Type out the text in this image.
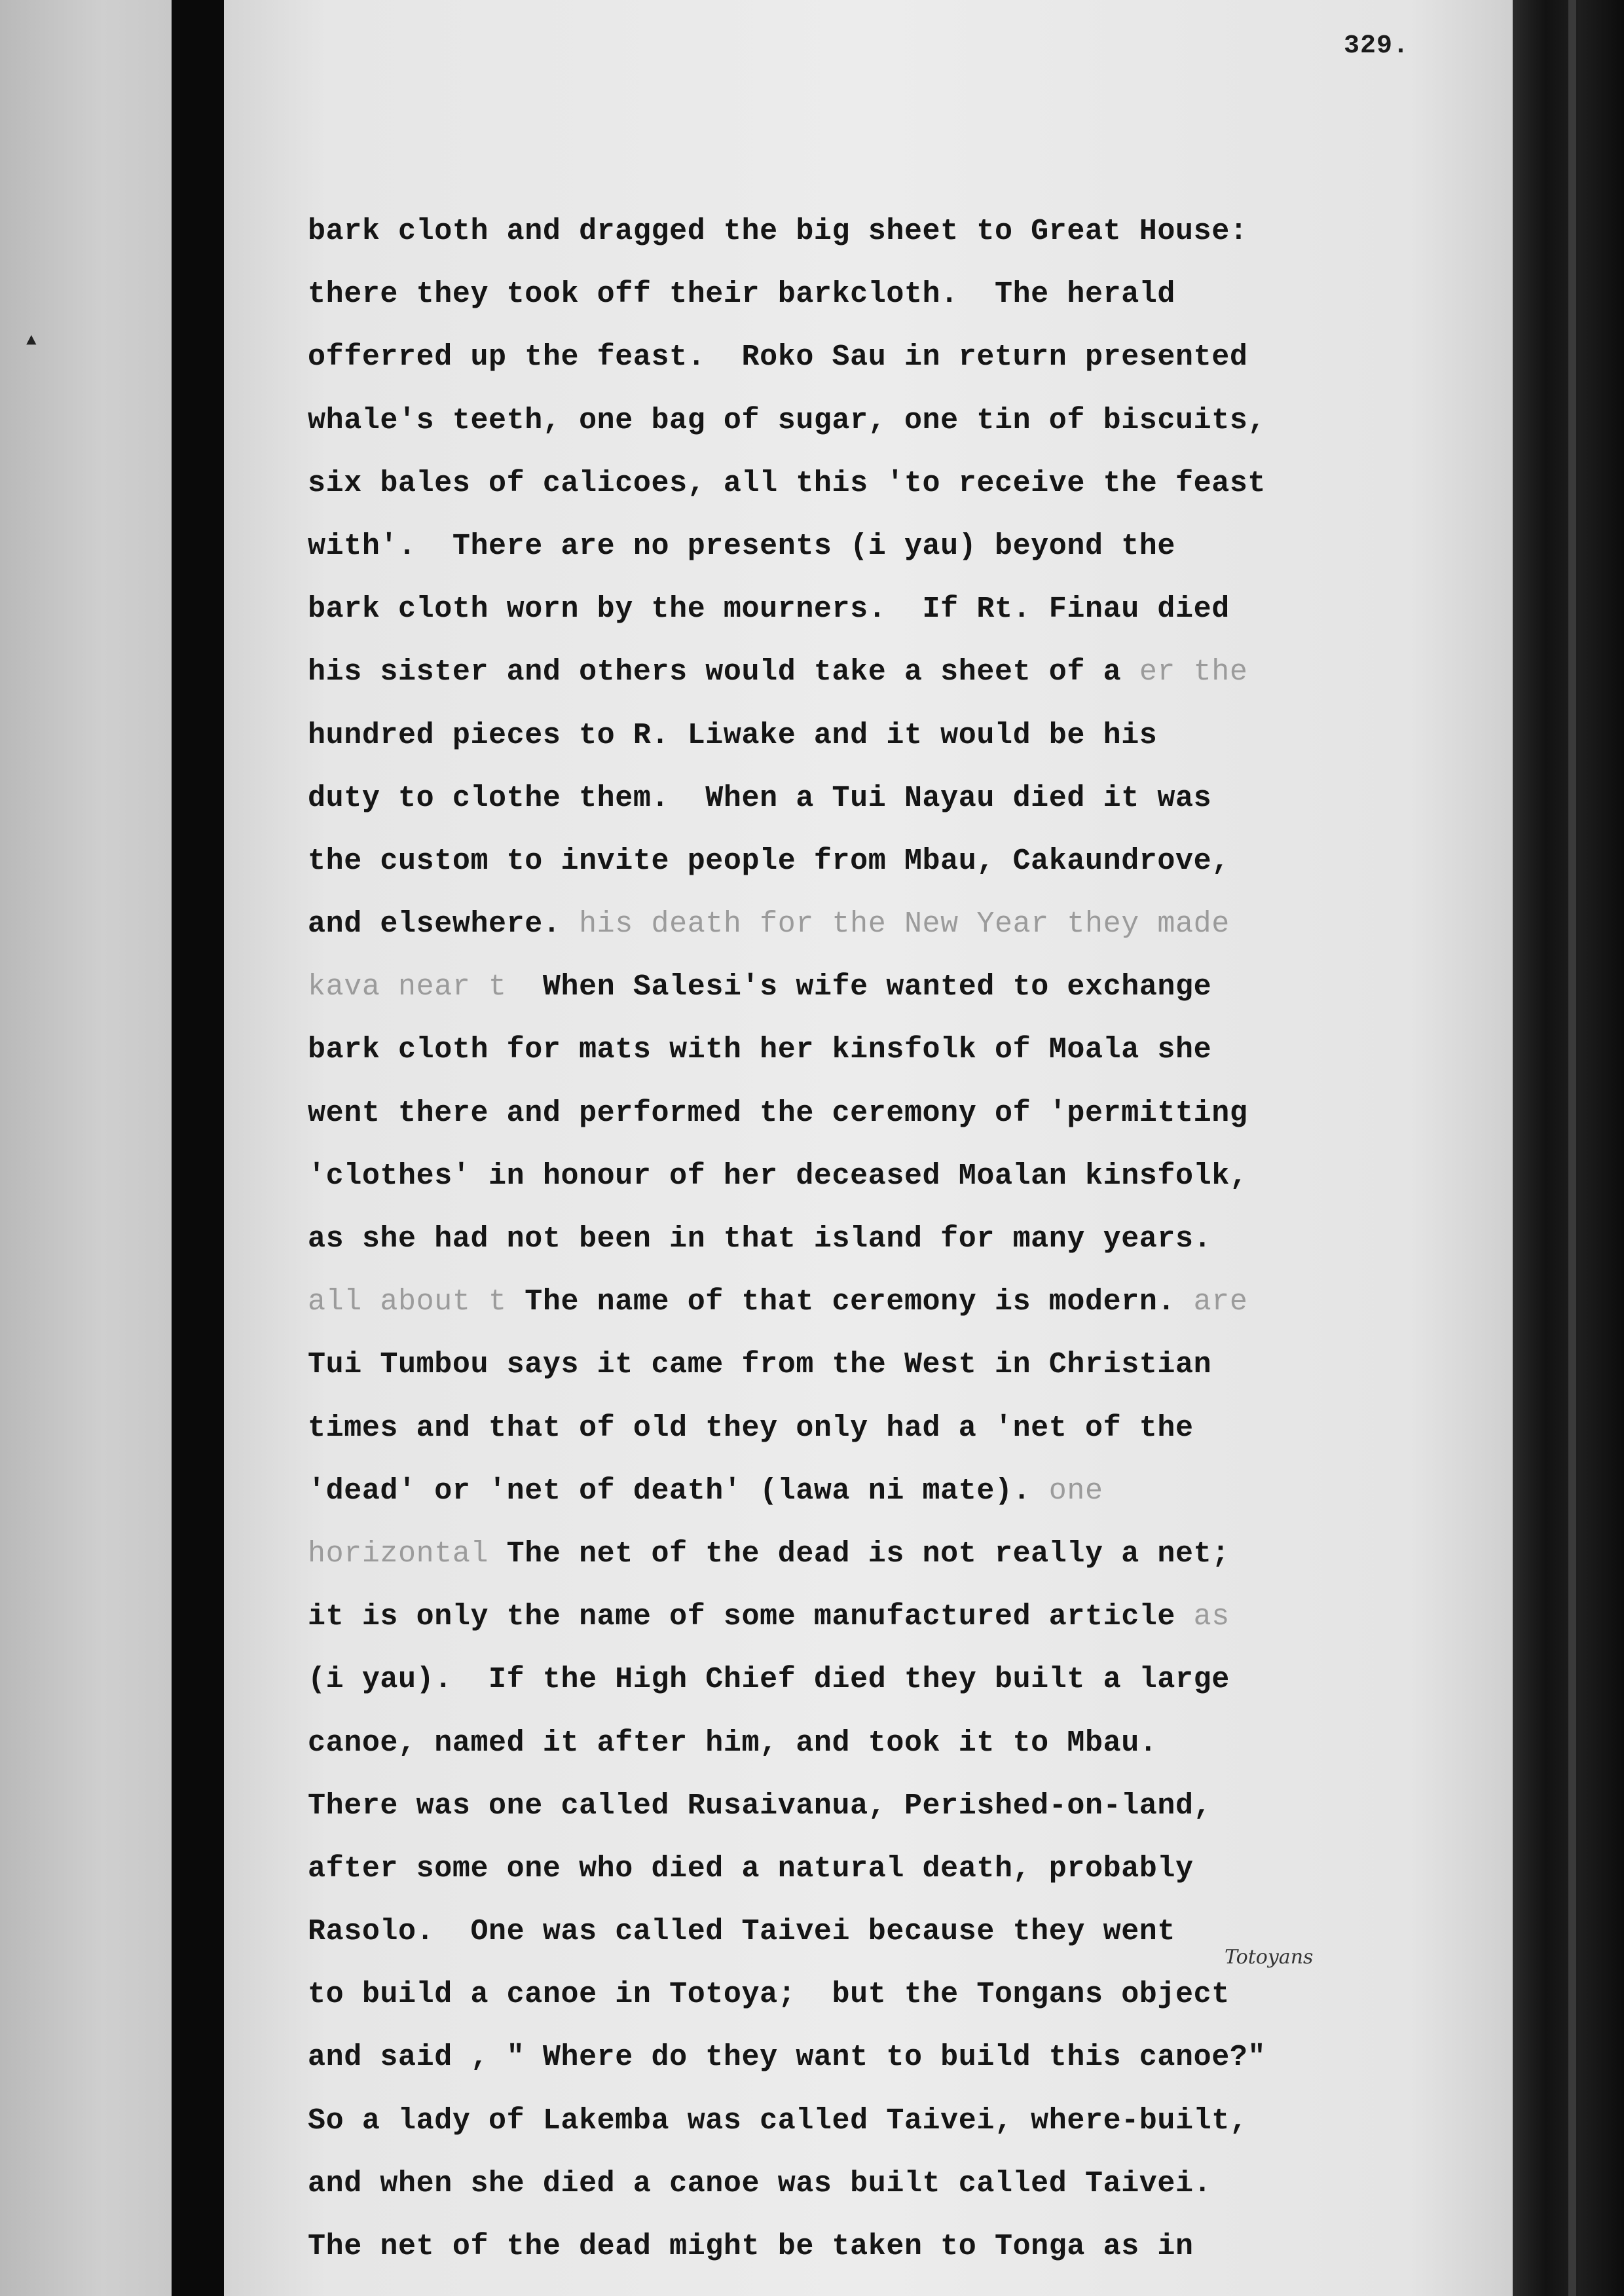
▲
329.
bark cloth and dragged the big sheet to Great House:
there they took off their barkcloth.  The herald
offerred up the feast.  Roko Sau in return presented
whale's teeth, one bag of sugar, one tin of biscuits,
six bales of calicoes, all this 'to receive the feast
with'.  There are no presents (i yau) beyond the
bark cloth worn by the mourners.  If Rt. Finau died
his sister and others would take a sheet of a er the
hundred pieces to R. Liwake and it would be his
duty to clothe them.  When a Tui Nayau died it was
the custom to invite people from Mbau, Cakaundrove,
and elsewhere. his death for the New Year they made
kava near t When Salesi's wife wanted to exchange
bark cloth for mats with her kinsfolk of Moala she
went there and performed the ceremony of 'permitting
'clothes' in honour of her deceased Moalan kinsfolk,
as she had not been in that island for many years.
all about t The name of that ceremony is modern. are
Tui Tumbou says it came from the West in Christian
times and that of old they only had a 'net of the
'dead' or 'net of death' (lawa ni mate). one
horizontal The net of the dead is not really a net;
it is only the name of some manufactured article as
(i yau).  If the High Chief died they built a large
canoe, named it after him, and took it to Mbau.
There was one called Rusaivanua, Perished-on-land,
after some one who died a natural death, probably
Rasolo.  One was called Taivei because they went
to build a canoe in Totoya;  but the Tongans object
and said , " Where do they want to build this canoe?"
So a lady of Lakemba was called Taivei, where-built,
and when she died a canoe was built called Taivei.
The net of the dead might be taken to Tonga as in
Totoyans
